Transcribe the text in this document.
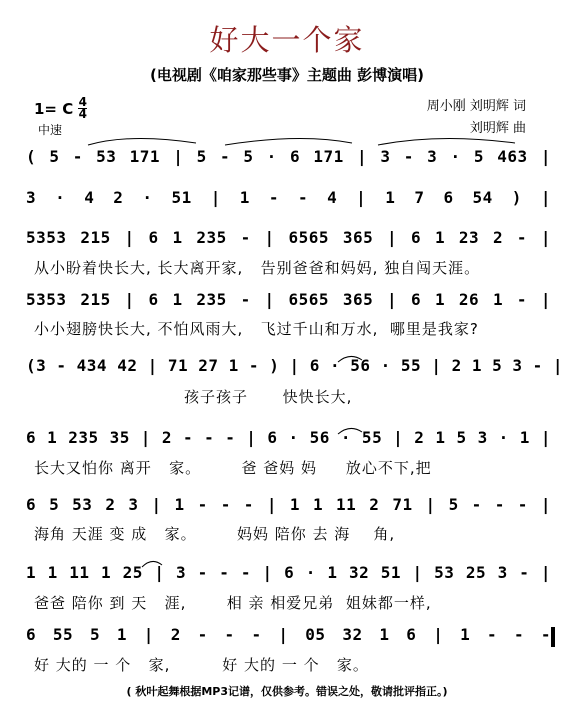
好大一个家
(电视剧《咱家那些事》主题曲 彭博演唱)
1= C $\frac{4}{4}$
中速
周小刚 刘明辉 词
刘明辉 曲
( 5 - 53 171 | 5 - 5 · 6 171 | 3 - 3 · 5 463 |
3 · 4 2 · 51 | 1 - - 4 | 1 7 6 54 ) |
5353 215 | 6 1 235 - | 6565 365 | 6 1 23 2 - |
从小盼着快长大, 长大离开家,   告别爸爸和妈妈, 独自闯天涯。
5353 215 | 6 1 235 - | 6565 365 | 6 1 26 1 - |
小小翅膀快长大, 不怕风雨大,   飞过千山和万水,  哪里是我家?
(3 - 434 42 | 71 27 1 - ) | 6 · 56 · 55 | 2 1 5 3 - |
孩子孩子      快快长大,
6 1 235 35 | 2 - - - | 6 · 56 · 55 | 2 1 5 3 · 1 |
长大又怕你 离开   家。       爸 爸妈 妈     放心不下,把
6 5 53 2 3 | 1 - - - | 1 1 11 2 71 | 5 - - - |
海角 天涯 变 成   家。       妈妈 陪你 去 海    角,
1 1 11 1 25 | 3 - - - | 6 · 1 32 51 | 53 25 3 - |
爸爸 陪你 到 天   涯,       相 亲 相爱兄弟  姐妹都一样,
6 55 5 1 | 2 - - - | 05 32 1 6 | 1 - - -
好 大的 一 个   家,         好 大的 一 个   家。
( 秋叶起舞根据MP3记谱，仅供参考。错误之处，敬请批评指正。)
